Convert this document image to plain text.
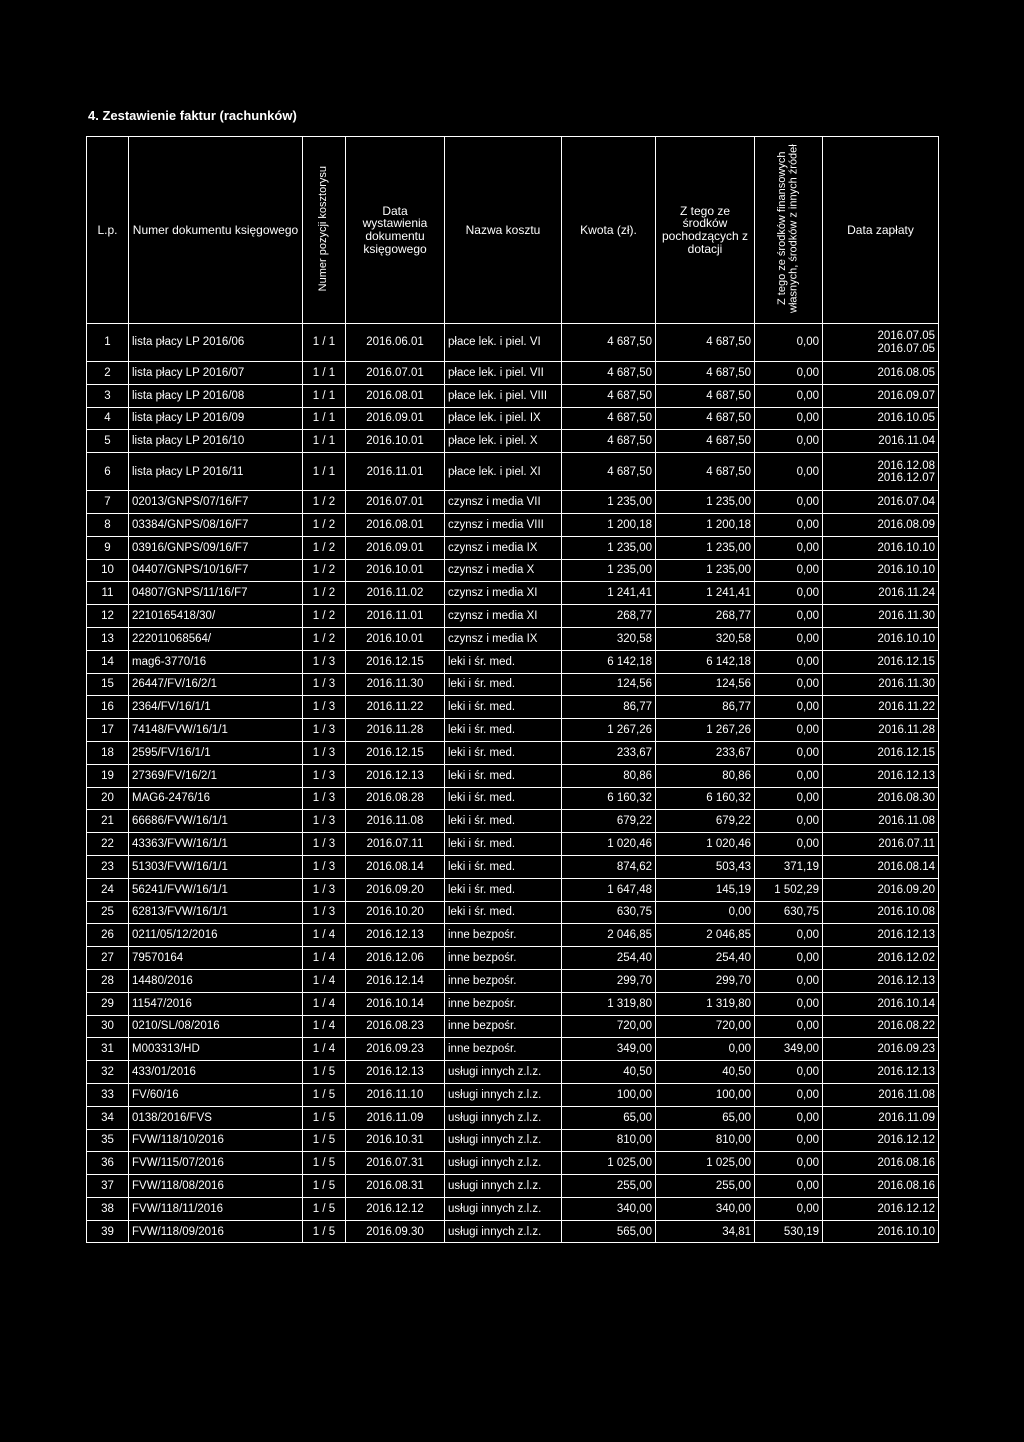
4. Zestawienie faktur (rachunków)
L.p.	Numer dokumentu księgowego	Numer pozycji kosztorysu	Data wystawienia dokumentu księgowego	Nazwa kosztu	Kwota (zł).	Z tego ze środków pochodzących z dotacji	Z tego ze środków finansowych własnych, środków z innych źródeł	Data zapłaty
1	lista płacy LP 2016/06	1 / 1	2016.06.01	płace lek. i piel. VI	4 687,50	4 687,50	0,00	2016.07.05
2016.07.05

2	lista płacy LP 2016/07	1 / 1	2016.07.01	płace lek. i piel. VII	4 687,50	4 687,50	0,00	2016.08.05

3	lista płacy LP 2016/08	1 / 1	2016.08.01	płace lek. i piel. VIII	4 687,50	4 687,50	0,00	2016.09.07

4	lista płacy LP 2016/09	1 / 1	2016.09.01	płace lek. i piel. IX	4 687,50	4 687,50	0,00	2016.10.05

5	lista płacy LP 2016/10	1 / 1	2016.10.01	płace lek. i piel. X	4 687,50	4 687,50	0,00	2016.11.04

6	lista płacy LP 2016/11	1 / 1	2016.11.01	płace lek. i piel. XI	4 687,50	4 687,50	0,00	2016.12.08
2016.12.07

7	02013/GNPS/07/16/F7	1 / 2	2016.07.01	czynsz i media VII	1 235,00	1 235,00	0,00	2016.07.04

8	03384/GNPS/08/16/F7	1 / 2	2016.08.01	czynsz i media VIII	1 200,18	1 200,18	0,00	2016.08.09

9	03916/GNPS/09/16/F7	1 / 2	2016.09.01	czynsz i media IX	1 235,00	1 235,00	0,00	2016.10.10

10	04407/GNPS/10/16/F7	1 / 2	2016.10.01	czynsz i media X	1 235,00	1 235,00	0,00	2016.10.10

11	04807/GNPS/11/16/F7	1 / 2	2016.11.02	czynsz i media XI	1 241,41	1 241,41	0,00	2016.11.24

12	2210165418/30/	1 / 2	2016.11.01	czynsz i media XI	268,77	268,77	0,00	2016.11.30

13	222011068564/	1 / 2	2016.10.01	czynsz i media IX	320,58	320,58	0,00	2016.10.10

14	mag6-3770/16	1 / 3	2016.12.15	leki i śr. med.	6 142,18	6 142,18	0,00	2016.12.15

15	26447/FV/16/2/1	1 / 3	2016.11.30	leki i śr. med.	124,56	124,56	0,00	2016.11.30

16	2364/FV/16/1/1	1 / 3	2016.11.22	leki i śr. med.	86,77	86,77	0,00	2016.11.22

17	74148/FVW/16/1/1	1 / 3	2016.11.28	leki i śr. med.	1 267,26	1 267,26	0,00	2016.11.28

18	2595/FV/16/1/1	1 / 3	2016.12.15	leki i śr. med.	233,67	233,67	0,00	2016.12.15

19	27369/FV/16/2/1	1 / 3	2016.12.13	leki i śr. med.	80,86	80,86	0,00	2016.12.13

20	MAG6-2476/16	1 / 3	2016.08.28	leki i śr. med.	6 160,32	6 160,32	0,00	2016.08.30

21	66686/FVW/16/1/1	1 / 3	2016.11.08	leki i śr. med.	679,22	679,22	0,00	2016.11.08

22	43363/FVW/16/1/1	1 / 3	2016.07.11	leki i śr. med.	1 020,46	1 020,46	0,00	2016.07.11

23	51303/FVW/16/1/1	1 / 3	2016.08.14	leki i śr. med.	874,62	503,43	371,19	2016.08.14

24	56241/FVW/16/1/1	1 / 3	2016.09.20	leki i śr. med.	1 647,48	145,19	1 502,29	2016.09.20

25	62813/FVW/16/1/1	1 / 3	2016.10.20	leki i śr. med.	630,75	0,00	630,75	2016.10.08

26	0211/05/12/2016	1 / 4	2016.12.13	inne bezpośr.	2 046,85	2 046,85	0,00	2016.12.13

27	79570164	1 / 4	2016.12.06	inne bezpośr.	254,40	254,40	0,00	2016.12.02

28	14480/2016	1 / 4	2016.12.14	inne bezpośr.	299,70	299,70	0,00	2016.12.13

29	11547/2016	1 / 4	2016.10.14	inne bezpośr.	1 319,80	1 319,80	0,00	2016.10.14

30	0210/SL/08/2016	1 / 4	2016.08.23	inne bezpośr.	720,00	720,00	0,00	2016.08.22

31	M003313/HD	1 / 4	2016.09.23	inne bezpośr.	349,00	0,00	349,00	2016.09.23

32	433/01/2016	1 / 5	2016.12.13	usługi innych z.l.z.	40,50	40,50	0,00	2016.12.13

33	FV/60/16	1 / 5	2016.11.10	usługi innych z.l.z.	100,00	100,00	0,00	2016.11.08

34	0138/2016/FVS	1 / 5	2016.11.09	usługi innych z.l.z.	65,00	65,00	0,00	2016.11.09

35	FVW/118/10/2016	1 / 5	2016.10.31	usługi innych z.l.z.	810,00	810,00	0,00	2016.12.12

36	FVW/115/07/2016	1 / 5	2016.07.31	usługi innych z.l.z.	1 025,00	1 025,00	0,00	2016.08.16

37	FVW/118/08/2016	1 / 5	2016.08.31	usługi innych z.l.z.	255,00	255,00	0,00	2016.08.16

38	FVW/118/11/2016	1 / 5	2016.12.12	usługi innych z.l.z.	340,00	340,00	0,00	2016.12.12

39	FVW/118/09/2016	1 / 5	2016.09.30	usługi innych z.l.z.	565,00	34,81	530,19	2016.10.10
